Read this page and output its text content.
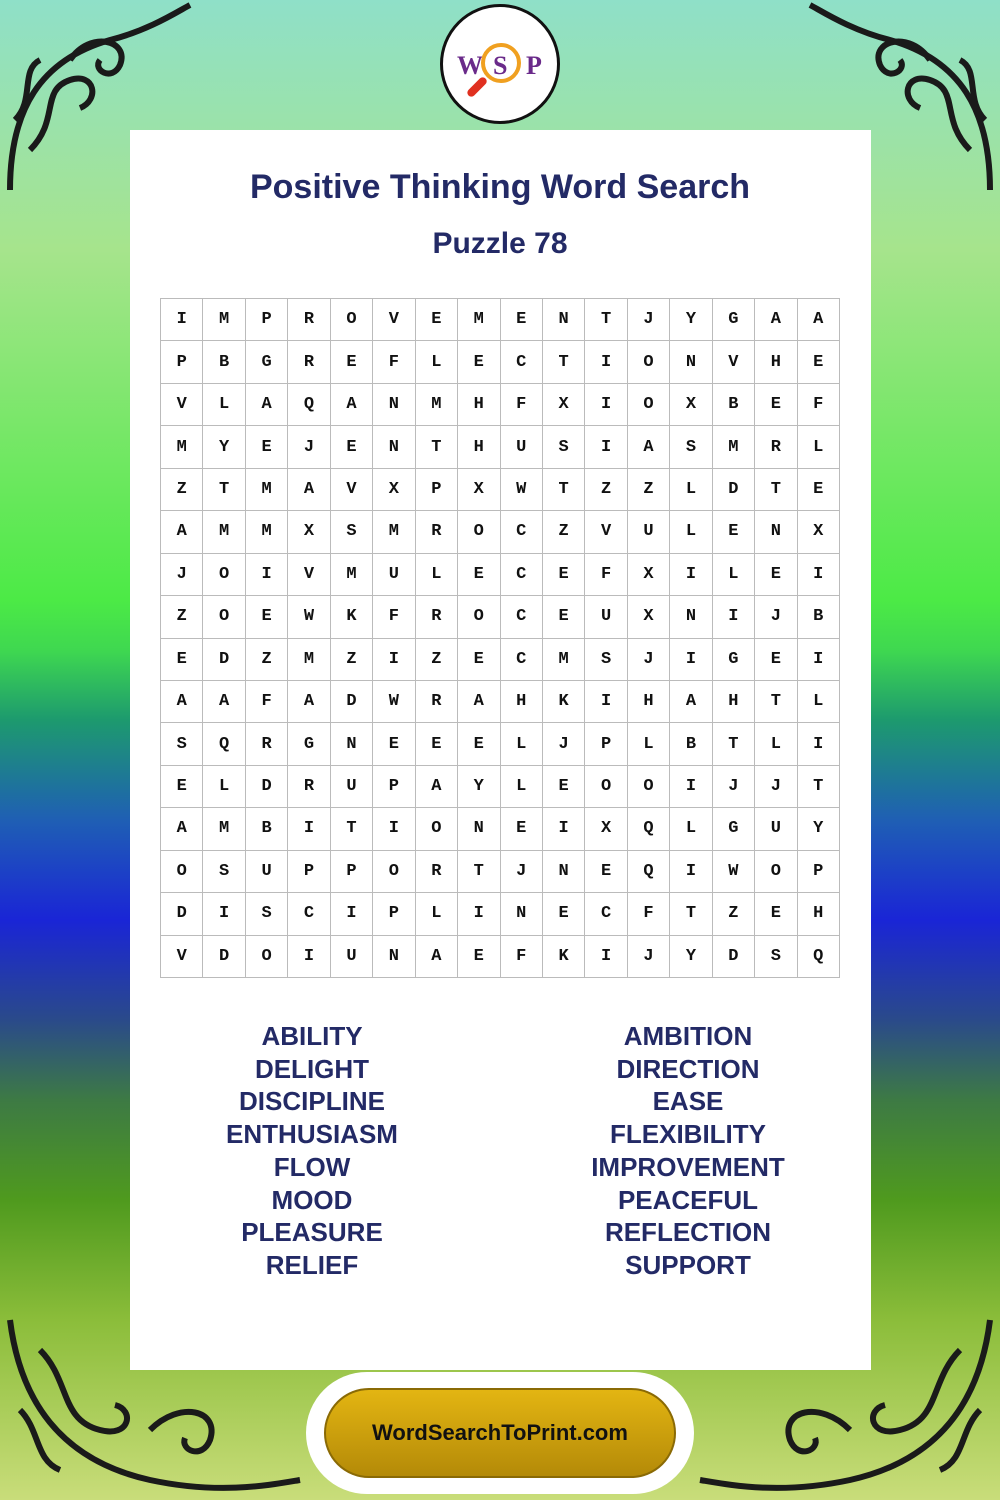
W S P
Positive Thinking Word Search
Puzzle 78
I	M	P	R	O	V	E	M	E	N	T	J	Y	G	A	A
P	B	G	R	E	F	L	E	C	T	I	O	N	V	H	E
V	L	A	Q	A	N	M	H	F	X	I	O	X	B	E	F
M	Y	E	J	E	N	T	H	U	S	I	A	S	M	R	L
Z	T	M	A	V	X	P	X	W	T	Z	Z	L	D	T	E
A	M	M	X	S	M	R	O	C	Z	V	U	L	E	N	X
J	O	I	V	M	U	L	E	C	E	F	X	I	L	E	I
Z	O	E	W	K	F	R	O	C	E	U	X	N	I	J	B
E	D	Z	M	Z	I	Z	E	C	M	S	J	I	G	E	I
A	A	F	A	D	W	R	A	H	K	I	H	A	H	T	L
S	Q	R	G	N	E	E	E	L	J	P	L	B	T	L	I
E	L	D	R	U	P	A	Y	L	E	O	O	I	J	J	T
A	M	B	I	T	I	O	N	E	I	X	Q	L	G	U	Y
O	S	U	P	P	O	R	T	J	N	E	Q	I	W	O	P
D	I	S	C	I	P	L	I	N	E	C	F	T	Z	E	H
V	D	O	I	U	N	A	E	F	K	I	J	Y	D	S	Q
ABILITY
DELIGHT
DISCIPLINE
ENTHUSIASM
FLOW
MOOD
PLEASURE
RELIEF
AMBITION
DIRECTION
EASE
FLEXIBILITY
IMPROVEMENT
PEACEFUL
REFLECTION
SUPPORT
WordSearchToPrint.com
